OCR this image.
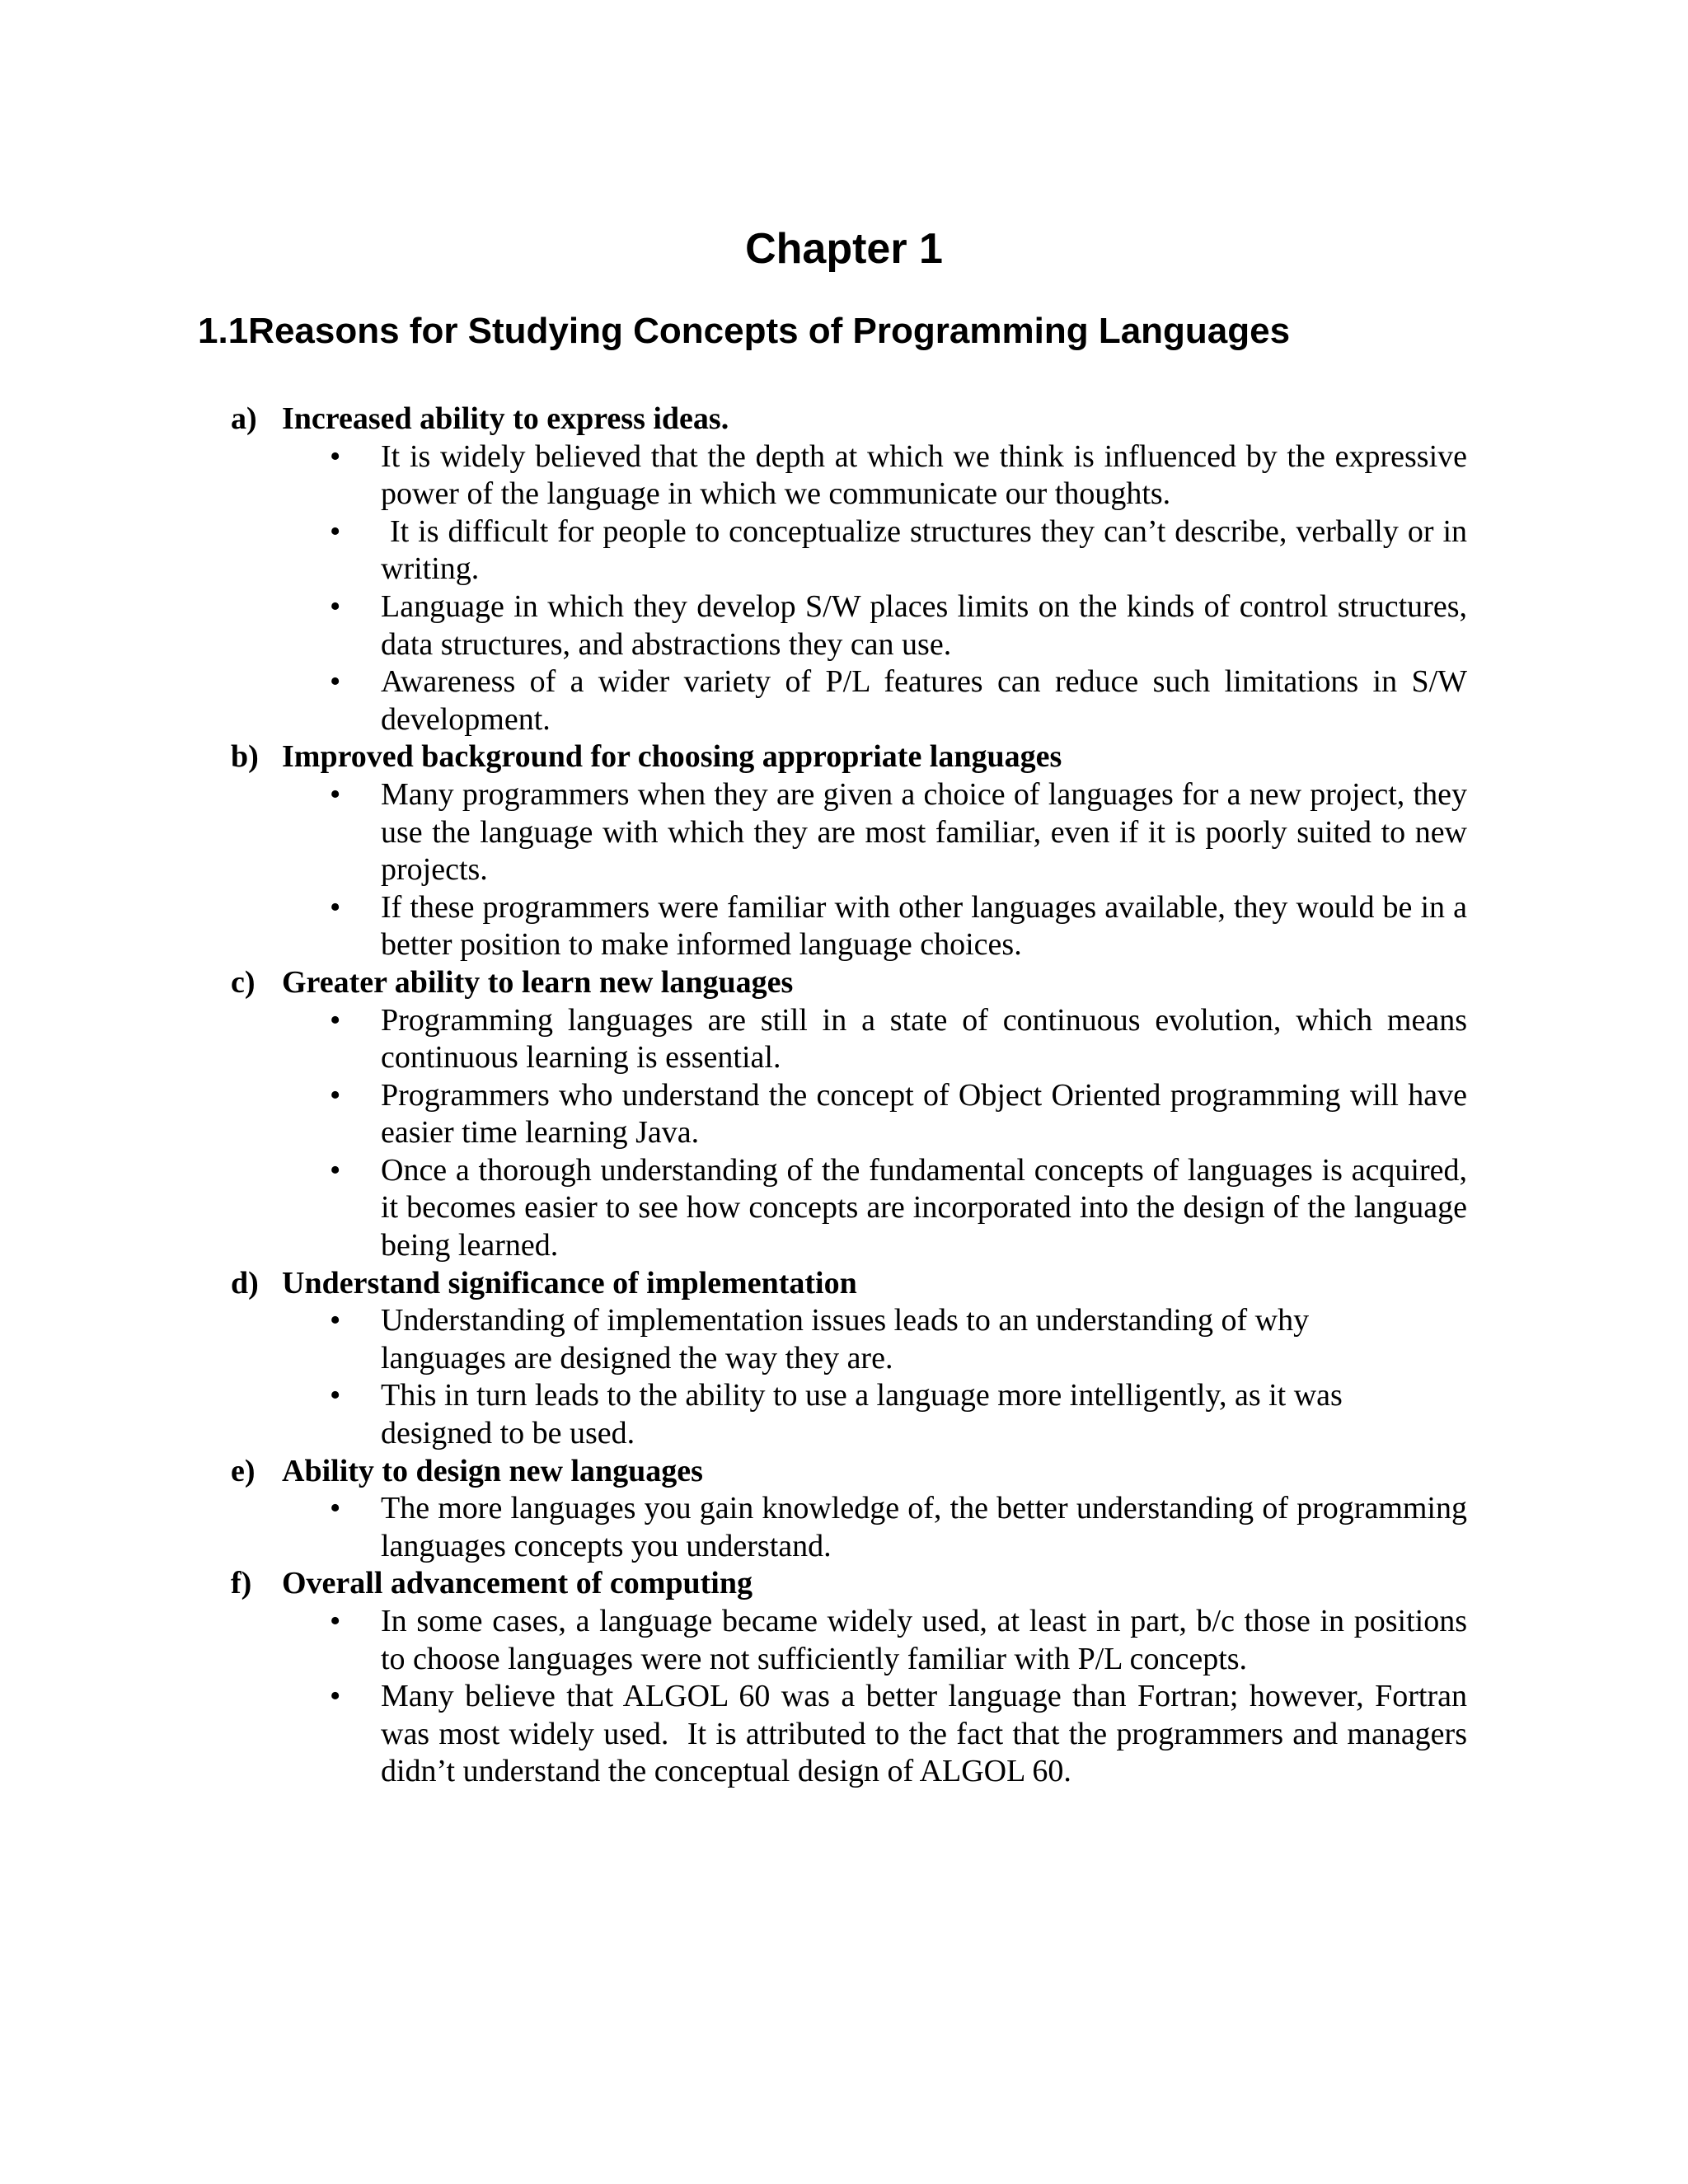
Chapter 1
1.1Reasons for Studying Concepts of Programming Languages
a) Increased ability to express ideas.
• It is widely believed that the depth at which we think is influenced by the expressive power of the language in which we communicate our thoughts.
• It is difficult for people to conceptualize structures they can’t describe, verbally or in writing.
• Language in which they develop S/W places limits on the kinds of control structures, data structures, and abstractions they can use.
• Awareness of a wider variety of P/L features can reduce such limitations in S/W development.
b) Improved background for choosing appropriate languages
• Many programmers when they are given a choice of languages for a new project, they use the language with which they are most familiar, even if it is poorly suited to new projects.
• If these programmers were familiar with other languages available, they would be in a better position to make informed language choices.
c) Greater ability to learn new languages
• Programming languages are still in a state of continuous evolution, which means continuous learning is essential.
• Programmers who understand the concept of Object Oriented programming will have easier time learning Java.
• Once a thorough understanding of the fundamental concepts of languages is acquired, it becomes easier to see how concepts are incorporated into the design of the language being learned.
d) Understand significance of implementation
• Understanding of implementation issues leads to an understanding of why languages are designed the way they are.
• This in turn leads to the ability to use a language more intelligently, as it was designed to be used.
e) Ability to design new languages
• The more languages you gain knowledge of, the better understanding of programming languages concepts you understand.
f) Overall advancement of computing
• In some cases, a language became widely used, at least in part, b/c those in positions to choose languages were not sufficiently familiar with P/L concepts.
• Many believe that ALGOL 60 was a better language than Fortran; however, Fortran was most widely used.  It is attributed to the fact that the programmers and managers didn’t understand the conceptual design of ALGOL 60.
